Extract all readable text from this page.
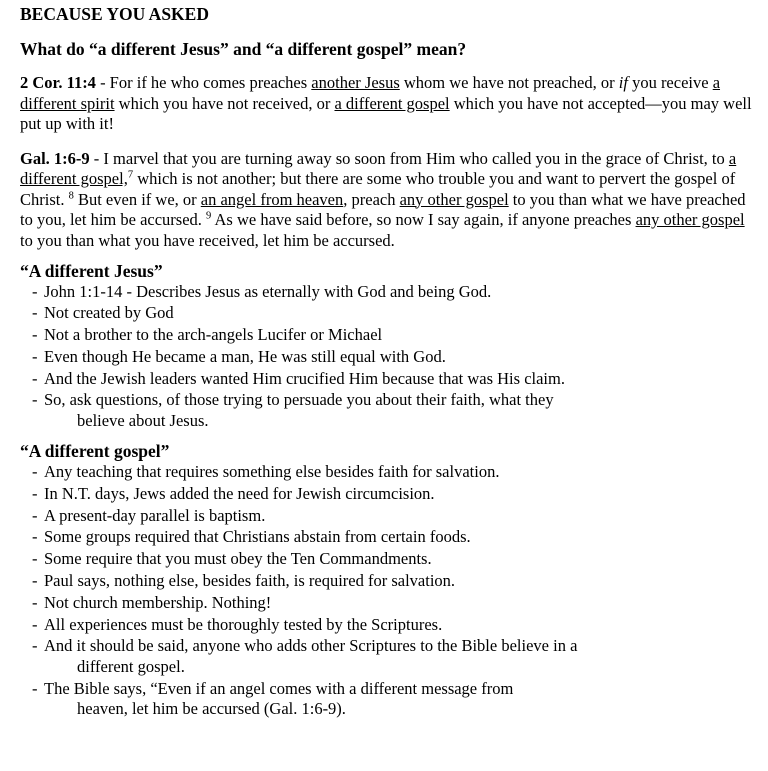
BECAUSE YOU ASKED
What do “a different Jesus” and “a different gospel” mean?
2 Cor. 11:4 - For if he who comes preaches another Jesus whom we have not preached, or if you receive a different spirit which you have not received, or a different gospel which you have not accepted—you may well put up with it!
Gal. 1:6-9 - I marvel that you are turning away so soon from Him who called you in the grace of Christ, to a different gospel,$^7$ which is not another; but there are some who trouble you and want to pervert the gospel of Christ. $^8$ But even if we, or an angel from heaven, preach any other gospel to you than what we have preached to you, let him be accursed. $^9$ As we have said before, so now I say again, if anyone preaches any other gospel to you than what you have received, let him be accursed.
“A different Jesus”
- John 1:1-14 - Describes Jesus as eternally with God and being God.
- Not created by God
- Not a brother to the arch-angels Lucifer or Michael
- Even though He became a man, He was still equal with God.
- And the Jewish leaders wanted Him crucified Him because that was His claim.
- So, ask questions, of those trying to persuade you about their faith, what they believe about Jesus.
“A different gospel”
- Any teaching that requires something else besides faith for salvation.
- In N.T. days, Jews added the need for Jewish circumcision.
- A present-day parallel is baptism.
- Some groups required that Christians abstain from certain foods.
- Some require that you must obey the Ten Commandments.
- Paul says, nothing else, besides faith, is required for salvation.
- Not church membership. Nothing!
- All experiences must be thoroughly tested by the Scriptures.
- And it should be said, anyone who adds other Scriptures to the Bible believe in a different gospel.
- The Bible says, “Even if an angel comes with a different message from heaven, let him be accursed (Gal. 1:6-9).
